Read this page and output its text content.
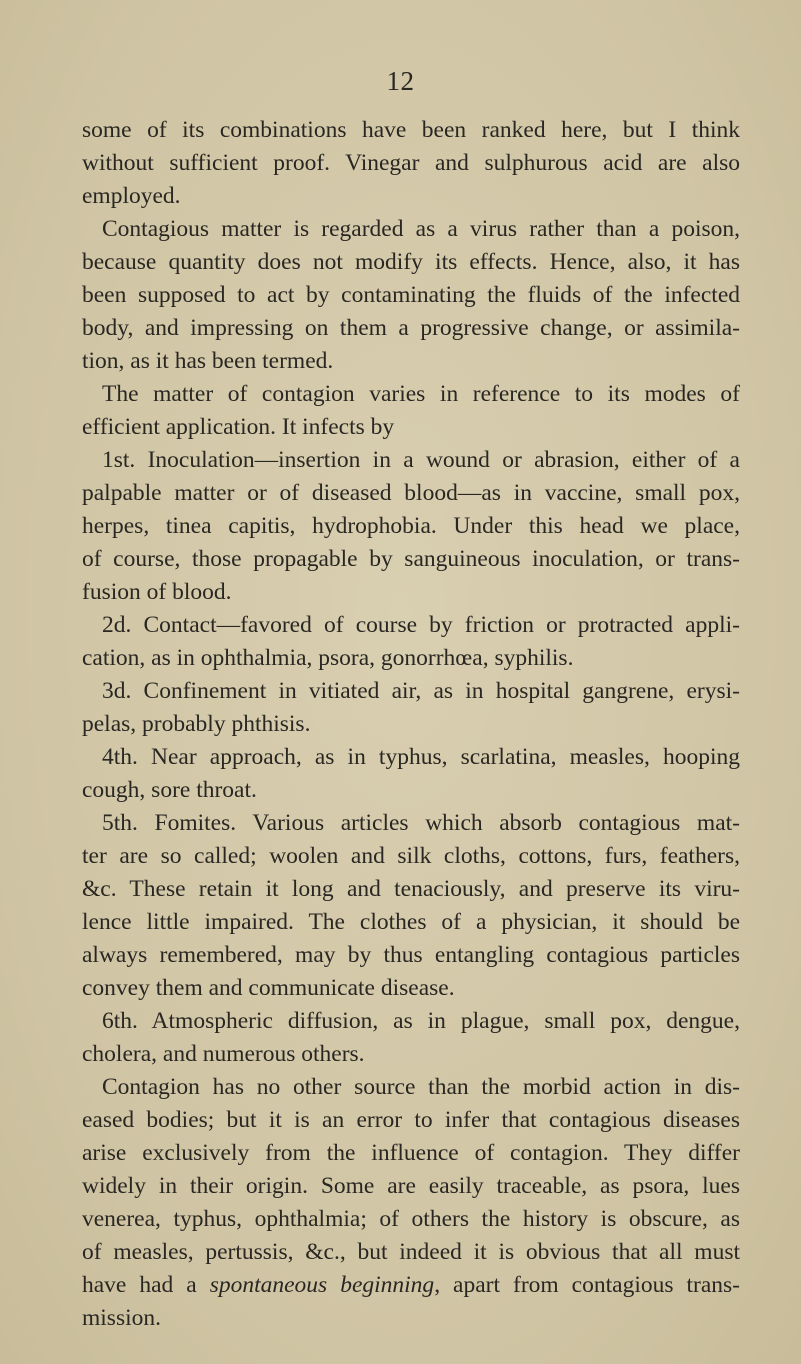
12
some of its combinations have been ranked here, but I think
without sufficient proof. Vinegar and sulphurous acid are also
employed.
Contagious matter is regarded as a virus rather than a poison,
because quantity does not modify its effects. Hence, also, it has
been supposed to act by contaminating the fluids of the infected
body, and impressing on them a progressive change, or assimila-
tion, as it has been termed.
The matter of contagion varies in reference to its modes of
efficient application. It infects by
1st. Inoculation—insertion in a wound or abrasion, either of a
palpable matter or of diseased blood—as in vaccine, small pox,
herpes, tinea capitis, hydrophobia. Under this head we place,
of course, those propagable by sanguineous inoculation, or trans-
fusion of blood.
2d. Contact—favored of course by friction or protracted appli-
cation, as in ophthalmia, psora, gonorrhœa, syphilis.
3d. Confinement in vitiated air, as in hospital gangrene, erysi-
pelas, probably phthisis.
4th. Near approach, as in typhus, scarlatina, measles, hooping
cough, sore throat.
5th. Fomites. Various articles which absorb contagious mat-
ter are so called; woolen and silk cloths, cottons, furs, feathers,
&c. These retain it long and tenaciously, and preserve its viru-
lence little impaired. The clothes of a physician, it should be
always remembered, may by thus entangling contagious particles
convey them and communicate disease.
6th. Atmospheric diffusion, as in plague, small pox, dengue,
cholera, and numerous others.
Contagion has no other source than the morbid action in dis-
eased bodies; but it is an error to infer that contagious diseases
arise exclusively from the influence of contagion. They differ
widely in their origin. Some are easily traceable, as psora, lues
venerea, typhus, ophthalmia; of others the history is obscure, as
of measles, pertussis, &c., but indeed it is obvious that all must
have had a spontaneous beginning, apart from contagious trans-
mission.
